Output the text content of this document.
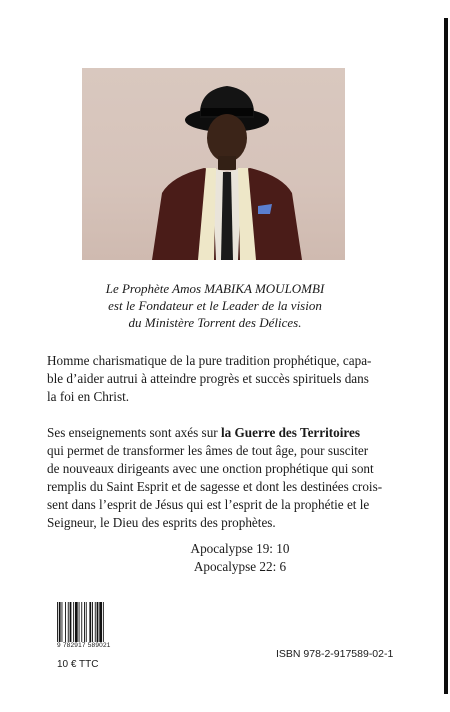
Le Prophète Amos MABIKA MOULOMBI
est le Fondateur et le Leader de la vision
du Ministère Torrent des Délices.
Homme charismatique de la pure tradition prophétique, capa-
ble d’aider autrui à atteindre progrès et succès spirituels dans
la foi en Christ.
Ses enseignements sont axés sur la Guerre des Territoires
qui permet de transformer les âmes de tout âge, pour susciter
de nouveaux dirigeants avec une onction prophétique qui sont
remplis du Saint Esprit et de sagesse et dont les destinées crois-
sent dans l’esprit de Jésus qui est l’esprit de la prophétie et le
Seigneur, le Dieu des esprits des prophètes.
Apocalypse 19: 10
Apocalypse 22: 6
9 782917 589021
10 € TTC
ISBN 978-2-917589-02-1
